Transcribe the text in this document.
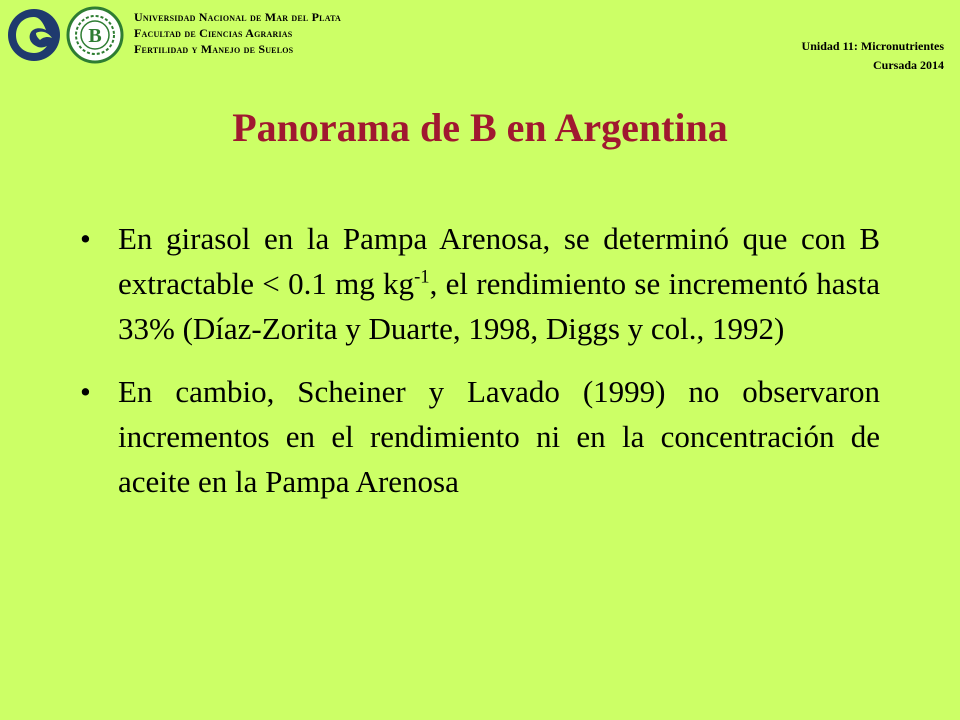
B
Universidad Nacional de Mar del Plata
Facultad de Ciencias Agrarias
Fertilidad y Manejo de Suelos	Unidad 11: Micronutrientes
Cursada 2014
Panorama de B en Argentina
• En girasol en la Pampa Arenosa, se determinó que con B extractable < 0.1 mg $kg^{-1}$, el rendimiento se incrementó hasta 33% (Díaz-Zorita y Duarte, 1998, Diggs y col., 1992)
• En cambio, Scheiner y Lavado (1999) no observaron incrementos en el rendimiento ni en la concentración de aceite en la Pampa Arenosa
